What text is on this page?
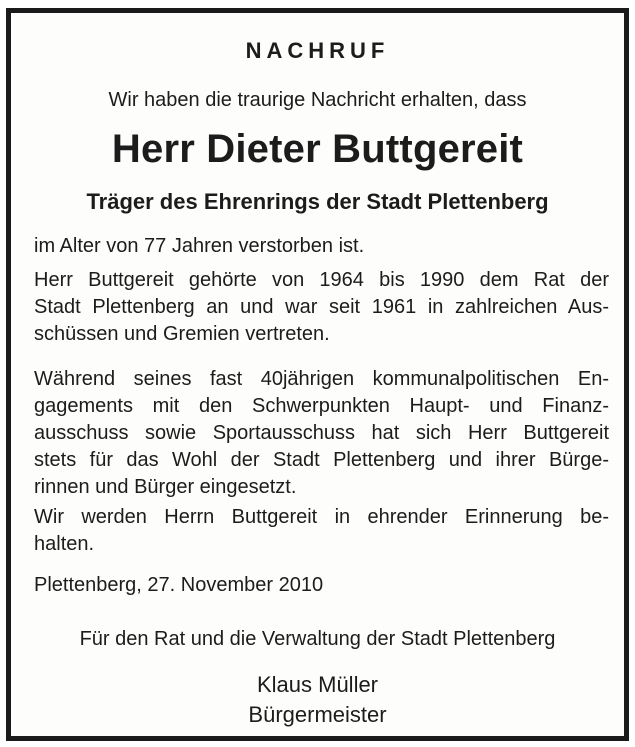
NACHRUF

Wir haben die traurige Nachricht erhalten, dass

Herr Dieter Buttgereit

Träger des Ehrenrings der Stadt Plettenberg

im Alter von 77 Jahren verstorben ist.

Herr Buttgereit gehörte von 1964 bis 1990 dem Rat der
Stadt Plettenberg an und war seit 1961 in zahlreichen Aus-
schüssen und Gremien vertreten.

Während seines fast 40jährigen kommunalpolitischen En-
gagements mit den Schwerpunkten Haupt- und Finanz-
ausschuss sowie Sportausschuss hat sich Herr Buttgereit
stets für das Wohl der Stadt Plettenberg und ihrer Bürge-
rinnen und Bürger eingesetzt.

Wir werden Herrn Buttgereit in ehrender Erinnerung be-
halten.

Plettenberg, 27. November 2010

Für den Rat und die Verwaltung der Stadt Plettenberg

Klaus Müller

Bürgermeister
